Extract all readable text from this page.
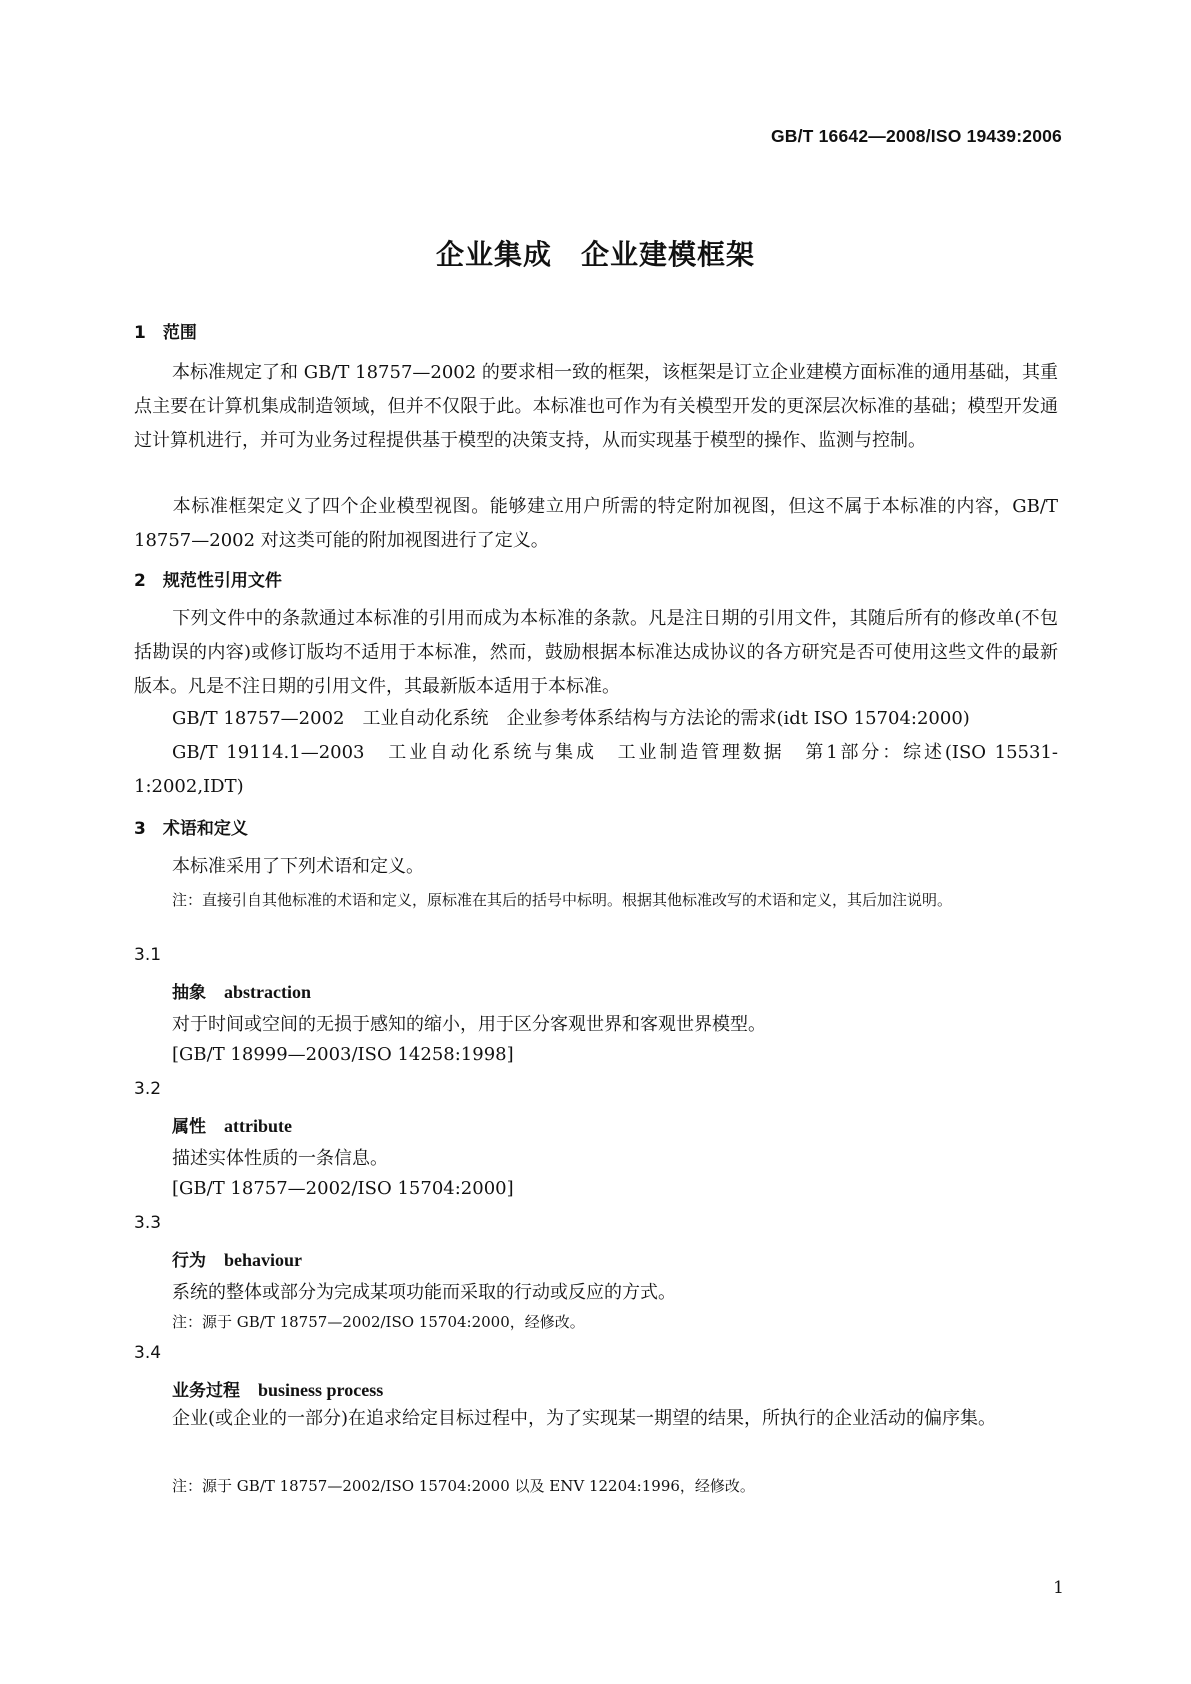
GB/T 16642—2008/ISO 19439:2006
企业集成　企业建模框架
1　范围
本标准规定了和 GB/T 18757—2002 的要求相一致的框架，该框架是订立企业建模方面标准的通用基础，其重点主要在计算机集成制造领域，但并不仅限于此。本标准也可作为有关模型开发的更深层次标准的基础；模型开发通过计算机进行，并可为业务过程提供基于模型的决策支持，从而实现基于模型的操作、监测与控制。
本标准框架定义了四个企业模型视图。能够建立用户所需的特定附加视图，但这不属于本标准的内容，GB/T 18757—2002 对这类可能的附加视图进行了定义。
2　规范性引用文件
下列文件中的条款通过本标准的引用而成为本标准的条款。凡是注日期的引用文件，其随后所有的修改单(不包括勘误的内容)或修订版均不适用于本标准，然而，鼓励根据本标准达成协议的各方研究是否可使用这些文件的最新版本。凡是不注日期的引用文件，其最新版本适用于本标准。
GB/T 18757—2002　工业自动化系统　企业参考体系结构与方法论的需求(idt ISO 15704:2000)
GB/T 19114.1—2003　工业自动化系统与集成　工业制造管理数据　第1部分：综述(ISO 15531-1:2002,IDT)
3　术语和定义
本标准采用了下列术语和定义。
注：直接引自其他标准的术语和定义，原标准在其后的括号中标明。根据其他标准改写的术语和定义，其后加注说明。
3.1
抽象 abstraction
对于时间或空间的无损于感知的缩小，用于区分客观世界和客观世界模型。
[GB/T 18999—2003/ISO 14258:1998]
3.2
属性 attribute
描述实体性质的一条信息。
[GB/T 18757—2002/ISO 15704:2000]
3.3
行为 behaviour
系统的整体或部分为完成某项功能而采取的行动或反应的方式。
注：源于 GB/T 18757—2002/ISO 15704:2000，经修改。
3.4
业务过程 business process
企业(或企业的一部分)在追求给定目标过程中，为了实现某一期望的结果，所执行的企业活动的偏序集。
注：源于 GB/T 18757—2002/ISO 15704:2000 以及 ENV 12204:1996，经修改。
1
